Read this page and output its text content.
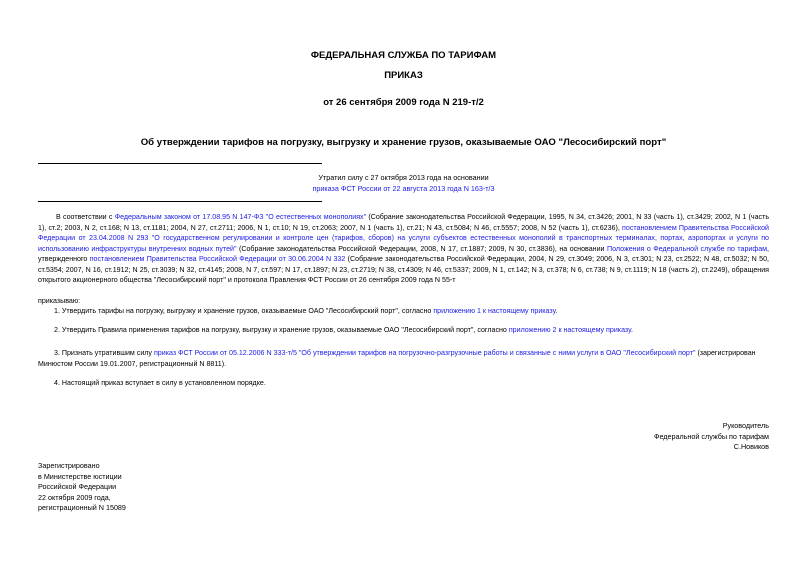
ФЕДЕРАЛЬНАЯ СЛУЖБА ПО ТАРИФАМ
ПРИКАЗ
от 26 сентября 2009 года N 219-т/2
Об утверждении тарифов на погрузку, выгрузку и хранение грузов, оказываемые ОАО "Лесосибирский порт"
Утратил силу с 27 октября 2013 года на основании
приказа ФСТ России от 22 августа 2013 года N 163-т/3
В соответствии с Федеральным законом от 17.08.95 N 147-ФЗ "О естественных монополиях" (Собрание законодательства Российской Федерации, 1995, N 34, ст.3426; 2001, N 33 (часть 1), ст.3429; 2002, N 1 (часть 1), ст.2; 2003, N 2, ст.168; N 13, ст.1181; 2004, N 27, ст.2711; 2006, N 1, ст.10; N 19, ст.2063; 2007, N 1 (часть 1), ст.21; N 43, ст.5084; N 46, ст.5557; 2008, N 52 (часть 1), ст.6236), постановлением Правительства Российской Федерации от 23.04.2008 N 293 "О государственном регулировании и контроле цен (тарифов, сборов) на услуги субъектов естественных монополий в транспортных терминалах, портах, аэропортах и услуги по использованию инфраструктуры внутренних водных путей" (Собрание законодательства Российской Федерации, 2008, N 17, ст.1887; 2009, N 30, ст.3836), на основании Положения о Федеральной службе по тарифам, утвержденного постановлением Правительства Российской Федерации от 30.06.2004 N 332 (Собрание законодательства Российской Федерации, 2004, N 29, ст.3049; 2006, N 3, ст.301; N 23, ст.2522; N 48, ст.5032; N 50, ст.5354; 2007, N 16, ст.1912; N 25, ст.3039; N 32, ст.4145; 2008, N 7, ст.597; N 17, ст.1897; N 23, ст.2719; N 38, ст.4309; N 46, ст.5337; 2009, N 1, ст.142; N 3, ст.378; N 6, ст.738; N 9, ст.1119; N 18 (часть 2), ст.2249), обращения открытого акционерного общества "Лесосибирский порт" и протокола Правления ФСТ России от 26 сентября 2009 года N 55-т
приказываю:
1. Утвердить тарифы на погрузку, выгрузку и хранение грузов, оказываемые ОАО "Лесосибирский порт", согласно приложению 1 к настоящему приказу.
2. Утвердить Правила применения тарифов на погрузку, выгрузку и хранение грузов, оказываемые ОАО "Лесосибирский порт", согласно приложению 2 к настоящему приказу.
3. Признать утратившим силу приказ ФСТ России от 05.12.2006 N 333-т/5 "Об утверждении тарифов на погрузочно-разгрузочные работы и связанные с ними услуги в ОАО "Лесосибирский порт" (зарегистрирован Минюстом России 19.01.2007, регистрационный N 8811).
4. Настоящий приказ вступает в силу в установленном порядке.
Руководитель
Федеральной службы по тарифам
С.Новиков
Зарегистрировано
в Министерстве юстиции
Российской Федерации
22 октября 2009 года,
регистрационный N 15089
